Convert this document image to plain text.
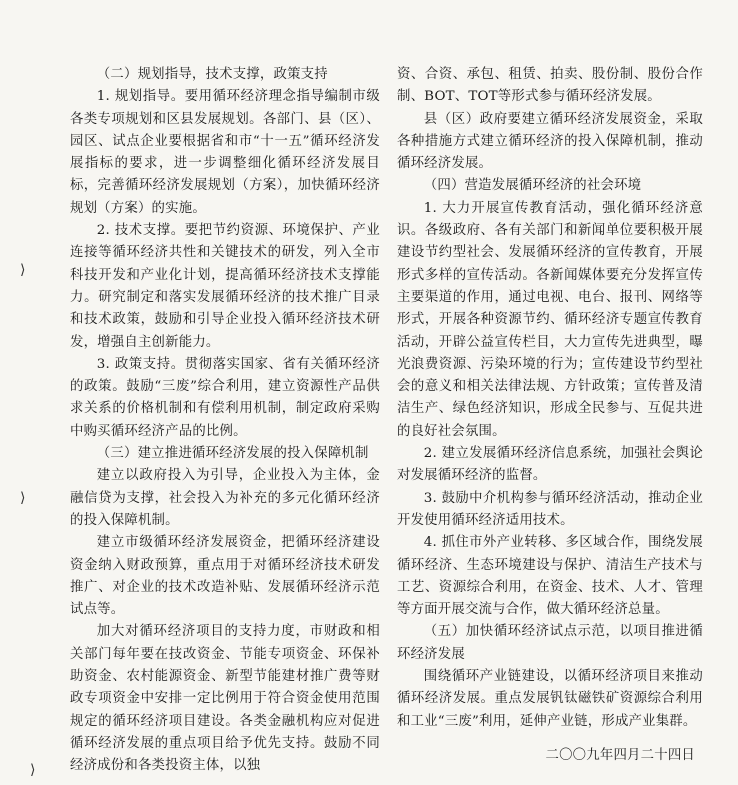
（二）规划指导，技术支撑，政策支持

1. 规划指导。要用循环经济理念指导编制市级各类专项规划和区县发展规划。各部门、县（区）、园区、试点企业要根据省和市“十一五”循环经济发展指标的要求，进一步调整细化循环经济发展目标，完善循环经济发展规划（方案），加快循环经济规划（方案）的实施。

2. 技术支撑。要把节约资源、环境保护、产业连接等循环经济共性和关键技术的研发，列入全市科技开发和产业化计划，提高循环经济技术支撑能力。研究制定和落实发展循环经济的技术推广目录和技术政策，鼓励和引导企业投入循环经济技术研发，增强自主创新能力。

3. 政策支持。贯彻落实国家、省有关循环经济的政策。鼓励“三废”综合利用，建立资源性产品供求关系的价格机制和有偿利用机制，制定政府采购中购买循环经济产品的比例。

（三）建立推进循环经济发展的投入保障机制

建立以政府投入为引导，企业投入为主体，金融信贷为支撑，社会投入为补充的多元化循环经济的投入保障机制。

建立市级循环经济发展资金，把循环经济建设资金纳入财政预算，重点用于对循环经济技术研发推广、对企业的技术改造补贴、发展循环经济示范试点等。

加大对循环经济项目的支持力度，市财政和相关部门每年要在技改资金、节能专项资金、环保补助资金、农村能源资金、新型节能建材推广费等财政专项资金中安排一定比例用于符合资金使用范围规定的循环经济项目建设。各类金融机构应对促进循环经济发展的重点项目给予优先支持。鼓励不同经济成份和各类投资主体，以独

资、合资、承包、租赁、拍卖、股份制、股份合作制、BOT、TOT等形式参与循环经济发展。

县（区）政府要建立循环经济发展资金，采取各种措施方式建立循环经济的投入保障机制，推动循环经济发展。

（四）营造发展循环经济的社会环境

1. 大力开展宣传教育活动，强化循环经济意识。各级政府、各有关部门和新闻单位要积极开展建设节约型社会、发展循环经济的宣传教育，开展形式多样的宣传活动。各新闻媒体要充分发挥宣传主要渠道的作用，通过电视、电台、报刊、网络等形式，开展各种资源节约、循环经济专题宣传教育活动，开辟公益宣传栏目，大力宣传先进典型，曝光浪费资源、污染环境的行为；宣传建设节约型社会的意义和相关法律法规、方针政策；宣传普及清洁生产、绿色经济知识，形成全民参与、互促共进的良好社会氛围。

2. 建立发展循环经济信息系统，加强社会舆论对发展循环经济的监督。

3. 鼓励中介机构参与循环经济活动，推动企业开发使用循环经济适用技术。

4. 抓住市外产业转移、多区域合作，围绕发展循环经济、生态环境建设与保护、清洁生产技术与工艺、资源综合利用，在资金、技术、人才、管理等方面开展交流与合作，做大循环经济总量。

（五）加快循环经济试点示范，以项目推进循环经济发展

围绕循环产业链建设，以循环经济项目来推动循环经济发展。重点发展钒钛磁铁矿资源综合利用和工业“三废”利用，延伸产业链，形成产业集群。

二〇〇九年四月二十四日

⟩
⟩
⟩
